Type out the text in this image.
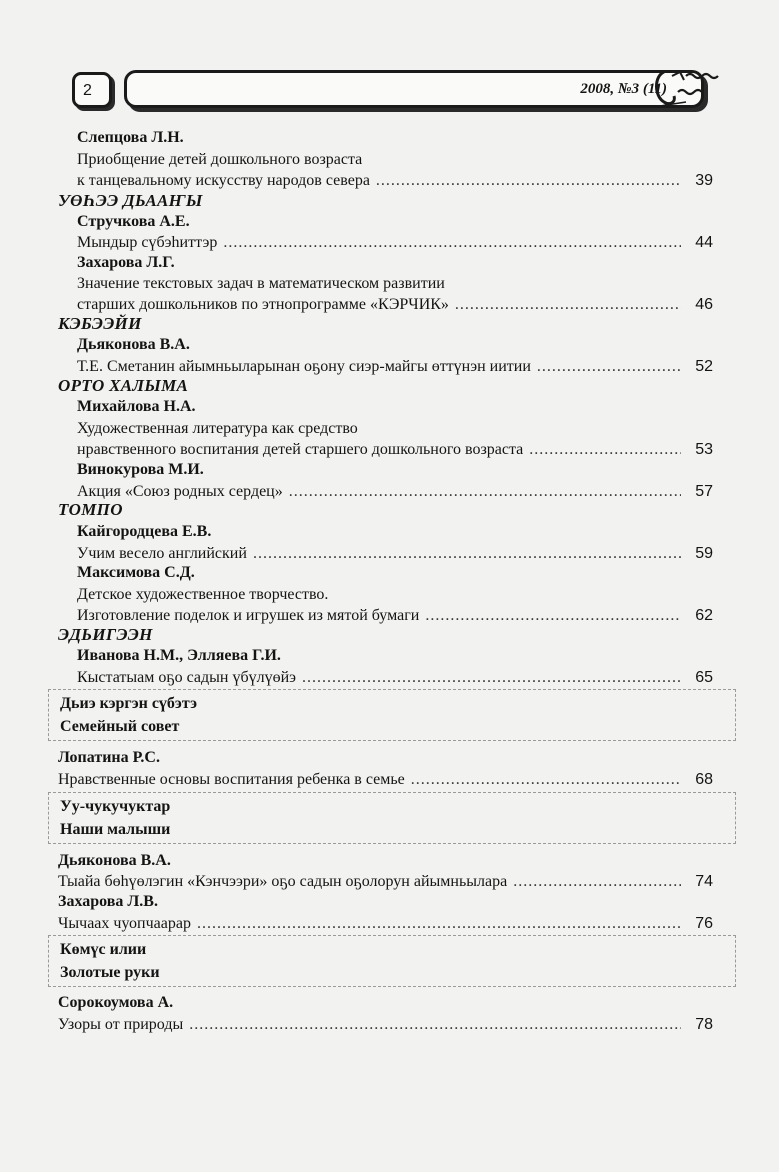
2	2008, №3 (11)
Слепцова Л.Н.
Приобщение детей дошкольного возраста
к танцевальному искусству народов севера .....	39
УӨҺЭЭ ДЬААҤЫ
Стручкова А.Е.
Мындыр сүбэһиттэр .....	44
Захарова Л.Г.
Значение текстовых задач в математическом развитии
старших дошкольников по этнопрограмме «КЭРЧИК» .....	46
КЭБЭЭЙИ
Дьяконова В.А.
Т.Е. Сметанин айымньыларынан оҕону сиэр-майгы өттүнэн иитии .....	52
ОРТО ХАЛЫМА
Михайлова Н.А.
Художественная литература как средство
нравственного воспитания детей старшего дошкольного возраста .....	53
Винокурова М.И.
Акция «Союз родных сердец» .....	57
ТОМПО
Кайгородцева Е.В.
Учим весело английский .....	59
Максимова С.Д.
Детское художественное творчество.
Изготовление поделок и игрушек из мятой бумаги .....	62
ЭДЬИГЭЭН
Иванова Н.М., Элляева Г.И.
Кыстатыам оҕо садын үбүлүөйэ .....	65
Дьиэ кэргэн сүбэтэ
Семейный совет
Лопатина Р.С.
Нравственные основы воспитания ребенка в семье .....	68
Уу-чукучуктар
Наши малыши
Дьяконова В.А.
Тыайа бөһүөлэгин «Кэнчээри» оҕо садын оҕолорун айымньылара .....	74
Захарова Л.В.
Чычаах чуопчаарар .....	76
Көмүс илии
Золотые руки
Сорокоумова А.
Узоры от природы .....	78
